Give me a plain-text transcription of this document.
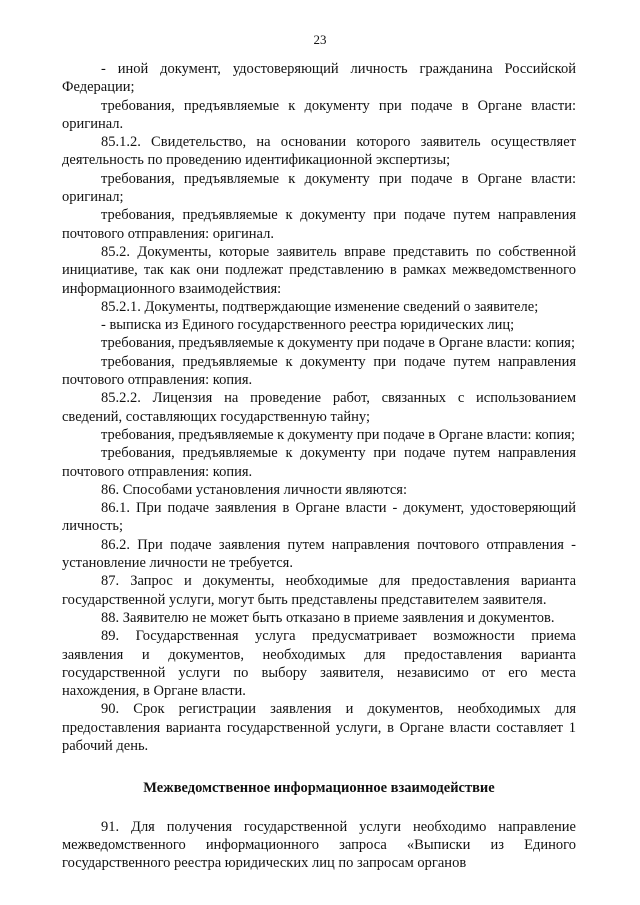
23

- иной документ, удостоверяющий личность гражданина Российской Федерации;

требования, предъявляемые к документу при подаче в Органе власти: оригинал.

85.1.2. Свидетельство, на основании которого заявитель осуществляет деятельность по проведению идентификационной экспертизы;

требования, предъявляемые к документу при подаче в Органе власти: оригинал;

требования, предъявляемые к документу при подаче путем направления почтового отправления: оригинал.

85.2. Документы, которые заявитель вправе представить по собственной инициативе, так как они подлежат представлению в рамках межведомственного информационного взаимодействия:

85.2.1. Документы, подтверждающие изменение сведений о заявителе;

- выписка из Единого государственного реестра юридических лиц;

требования, предъявляемые к документу при подаче в Органе власти: копия;

требования, предъявляемые к документу при подаче путем направления почтового отправления: копия.

85.2.2. Лицензия на проведение работ, связанных с использованием сведений, составляющих государственную тайну;

требования, предъявляемые к документу при подаче в Органе власти: копия;

требования, предъявляемые к документу при подаче путем направления почтового отправления: копия.

86. Способами установления личности являются:

86.1. При подаче заявления в Органе власти - документ, удостоверяющий личность;

86.2. При подаче заявления путем направления почтового отправления - установление личности не требуется.

87. Запрос и документы, необходимые для предоставления варианта государственной услуги, могут быть представлены представителем заявителя.

88. Заявителю не может быть отказано в приеме заявления и документов.

89. Государственная услуга предусматривает возможности приема заявления и документов, необходимых для предоставления варианта государственной услуги по выбору заявителя, независимо от его места нахождения, в Органе власти.

90. Срок регистрации заявления и документов, необходимых для предоставления варианта государственной услуги, в Органе власти составляет 1 рабочий день.

Межведомственное информационное взаимодействие

91. Для получения государственной услуги необходимо направление межведомственного информационного запроса «Выписки из Единого государственного реестра юридических лиц по запросам органов
